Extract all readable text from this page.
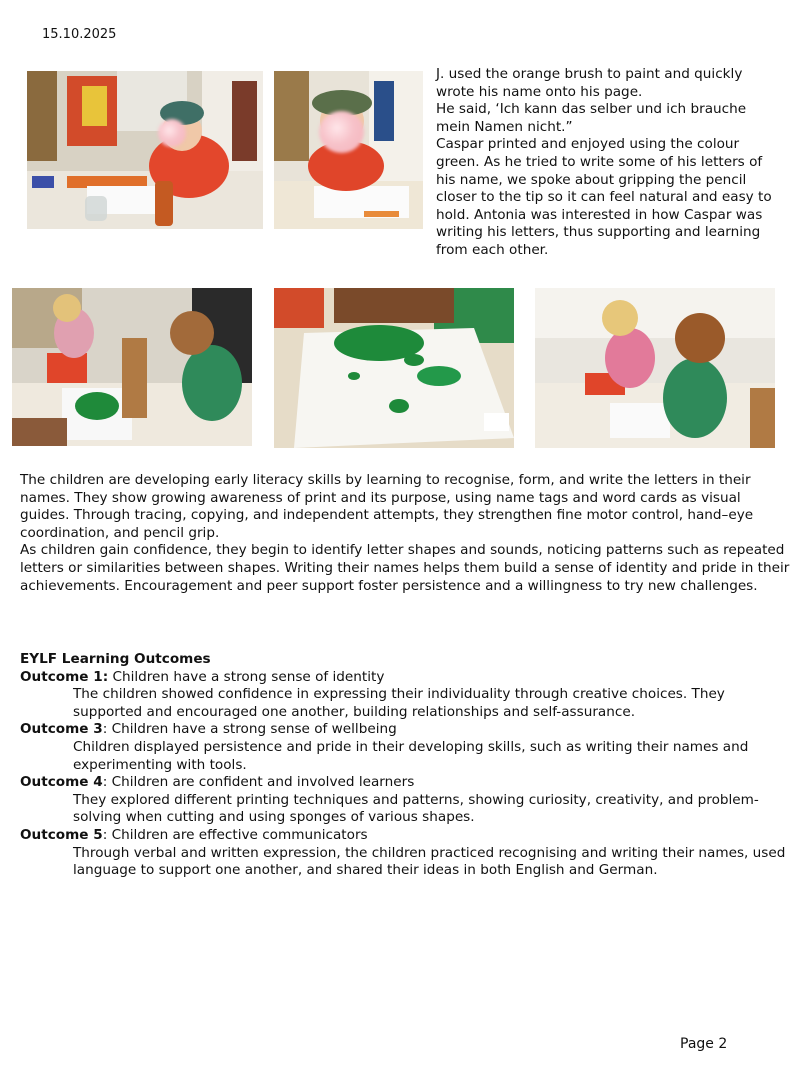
15.10.2025

J. used the orange brush to paint and quickly wrote his name onto his page.

He said, ‘Ich kann das selber und ich brauche mein Namen nicht.”

Caspar printed and enjoyed using the colour green. As he tried to write some of his letters of his name, we spoke about gripping the pencil closer to the tip so it can feel natural and easy to hold. Antonia was interested in how Caspar was writing his letters, thus supporting and learning from each other.

The children are developing early literacy skills by learning to recognise, form, and write the letters in their names. They show growing awareness of print and its purpose, using name tags and word cards as visual guides. Through tracing, copying, and independent attempts, they strengthen fine motor control, hand–eye coordination, and pencil grip.

As children gain confidence, they begin to identify letter shapes and sounds, noticing patterns such as repeated letters or similarities between shapes. Writing their names helps them build a sense of identity and pride in their achievements. Encouragement and peer support foster persistence and a willingness to try new challenges.

EYLF Learning Outcomes
Outcome 1: Children have a strong sense of identity
The children showed confidence in expressing their individuality through creative choices. They supported and encouraged one another, building relationships and self-assurance.
Outcome 3: Children have a strong sense of wellbeing
Children displayed persistence and pride in their developing skills, such as writing their names and experimenting with tools.
Outcome 4: Children are confident and involved learners
They explored different printing techniques and patterns, showing curiosity, creativity, and problem-solving when cutting and using sponges of various shapes.
Outcome 5: Children are effective communicators
Through verbal and written expression, the children practiced recognising and writing their names, used language to support one another, and shared their ideas in both English and German.
Page 2
